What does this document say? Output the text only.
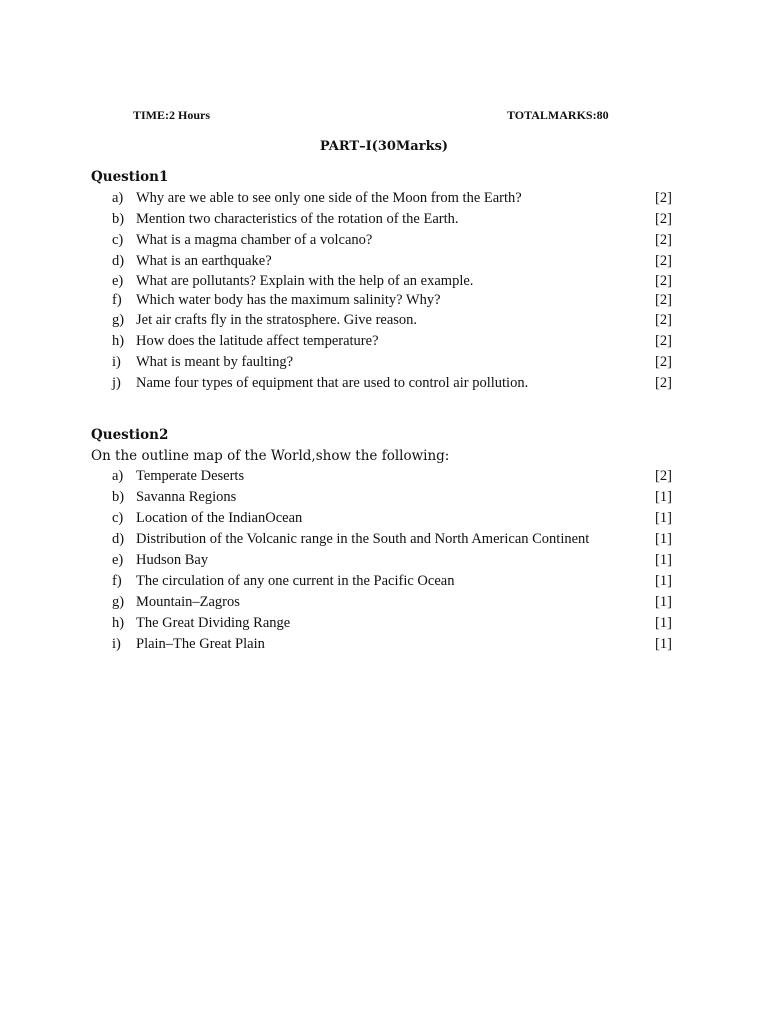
TIME:2 Hours	TOTALMARKS:80
PART–I(30Marks)
Question1
a) Why are we able to see only one side of the Moon from the Earth?	[2]
b) Mention two characteristics of the rotation of the Earth.	[2]
c) What is a magma chamber of a volcano?	[2]
d) What is an earthquake?	[2]
e) What are pollutants? Explain with the help of an example.	[2]
f) Which water body has the maximum salinity? Why?	[2]
g) Jet air crafts fly in the stratosphere. Give reason.	[2]
h) How does the latitude affect temperature?	[2]
i) What is meant by faulting?	[2]
j) Name four types of equipment that are used to control air pollution.	[2]
Question2
On the outline map of the World,show the following:
a) Temperate Deserts	[2]
b) Savanna Regions	[1]
c) Location of the IndianOcean	[1]
d) Distribution of the Volcanic range in the South and North American Continent	[1]
e) Hudson Bay	[1]
f) The circulation of any one current in the Pacific Ocean	[1]
g) Mountain–Zagros	[1]
h) The Great Dividing Range	[1]
i) Plain–The Great Plain	[1]
